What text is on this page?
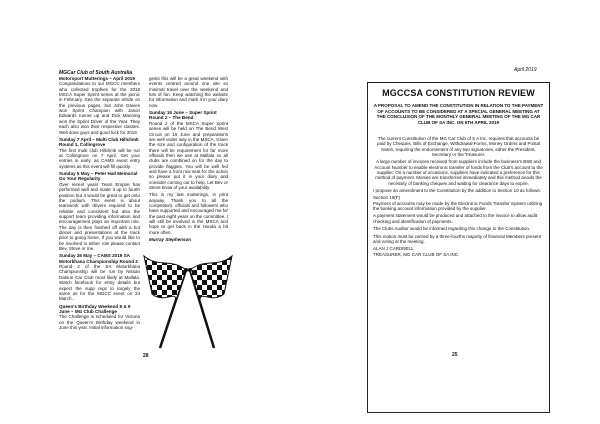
MGCar Club of South Australia

Motorsport Mutterings – April 2019

Congratulations to our MGCC members who collected trophies for the 2018 MSCA Super Sprint series at the picnic in February. See the separate article on the previous pages, but John Davies won Sprint Champion with Jason Edwards runner up and Dick Manning won the Sprint Driver of the Year. They each also won their respective classes. Well done guys and good luck for 2019.

Sunday 7 April – Multi Club Hillclimb Round 1, Collingrove

The first multi club Hillclimb will be run at Collingrove on 7 April. Get your entries in early, as CAMS event entry systems as this event will fill quickly.

Sunday 5 May – Peter Hall Memorial Go Your Regularity

Over recent years Team Empire has performed well and made it up to fourth position but it would be great to get onto the podium. This event is about teamwork with drivers required to be reliable and consistent but also the support team providing information and encouragement plays an important role. The day is then finished off with a hot dinner and presentations at the track prior to going home. If you would like to be involved in either role please contact Bev, Steve or me.

Sunday 26 May – CAMS 2019 SA Motorkhana Championship Round 2

Round 2 of the SA Motorkhana Championship will be run by Nissan Datsun Car Club most likely at Mallala. Watch facebook for entry details but expect the supp regs to largely the same as for the MGCC event on 24 March..

Queen's Birthday Weekend 8 & 9 June – MG Club Challenge

The Challenge is scheduled for Victoria on the Queen's Birthday weekend in June this year. Initial information sug-

gests this will be a great weekend with events centred around one site so minimal travel over the weekend and lots of fun. Keep watching the website for information and mark it in your diary now.

Sunday 16 June – Super Sprint Round 2 – The Bend

Round 2 of the MSCA Super Sprint series will be held on The Bend West Circuit on 16 June and preparations are well under way in the MSCA. Given the size and configuration of the track there will be requirement for far more officials then we use at Mallala so all clubs are combined on for the day to provide flaggies. You will be well fed and have a front row seat for the action so please put it in your diary and consider coming out to help. Let Bev or Steve know of your availability.

This is my last mutterings, in print anyway. Thank you to all the competitors, officials and followers who have supported and encouraged me for the past eight years on the committee. I will still be involved in the MSCA and hope to get back in the Honda a bit more often.

Murray Stephenson

28
April 2019
MGCCSA CONSTITUTION REVIEW

A PROPOSAL TO AMEND THE CONSTITUTION IN RELATION TO THE PAYMENT OF ACCOUNTS TO BE CONSIDERED AT A SPECIAL GENERAL MEETING AT THE CONCLUSION OF THE MONTHLY GENERAL MEETING OF THE MG CAR CLUB OF SA INC. ON 9TH APRIL 2019

The current Constitution of the MG Car Club of S A Inc. requires that accounts be paid by Cheques, Bills of Exchange, Withdrawal Forms, Money Orders and Postal Notes, requiring the endorsement of any two signatories, either the President, Secretary or the Treasurer.

A large number of invoices received from suppliers include the business's BSB and Account Number to enable electronic transfer of funds from the Club's account to the supplier. On a number of occasions, suppliers have indicated a preference for this method of payment. Monies are transferred immediately and this method avoids the necessity of banking cheques and waiting for clearance days to expire.

I propose an amendment to the Constitution by the addition to Section 10 as follows:

Section 10(F)

Payment of accounts may be made by the Electronic Funds Transfer System utilizing the banking account information provided by the supplier.

A payment statement would be produced and attached to the invoice to allow audit checking and identification of payments.

The Clubs Auditor would be informed regarding this change to the Constitution.

This motion must be carried by a three-fourths majority of financial Members present and voting at the meeting.

ALAN J CARDNELL

TREASURER, MG CAR CLUB OF SA INC.

25
